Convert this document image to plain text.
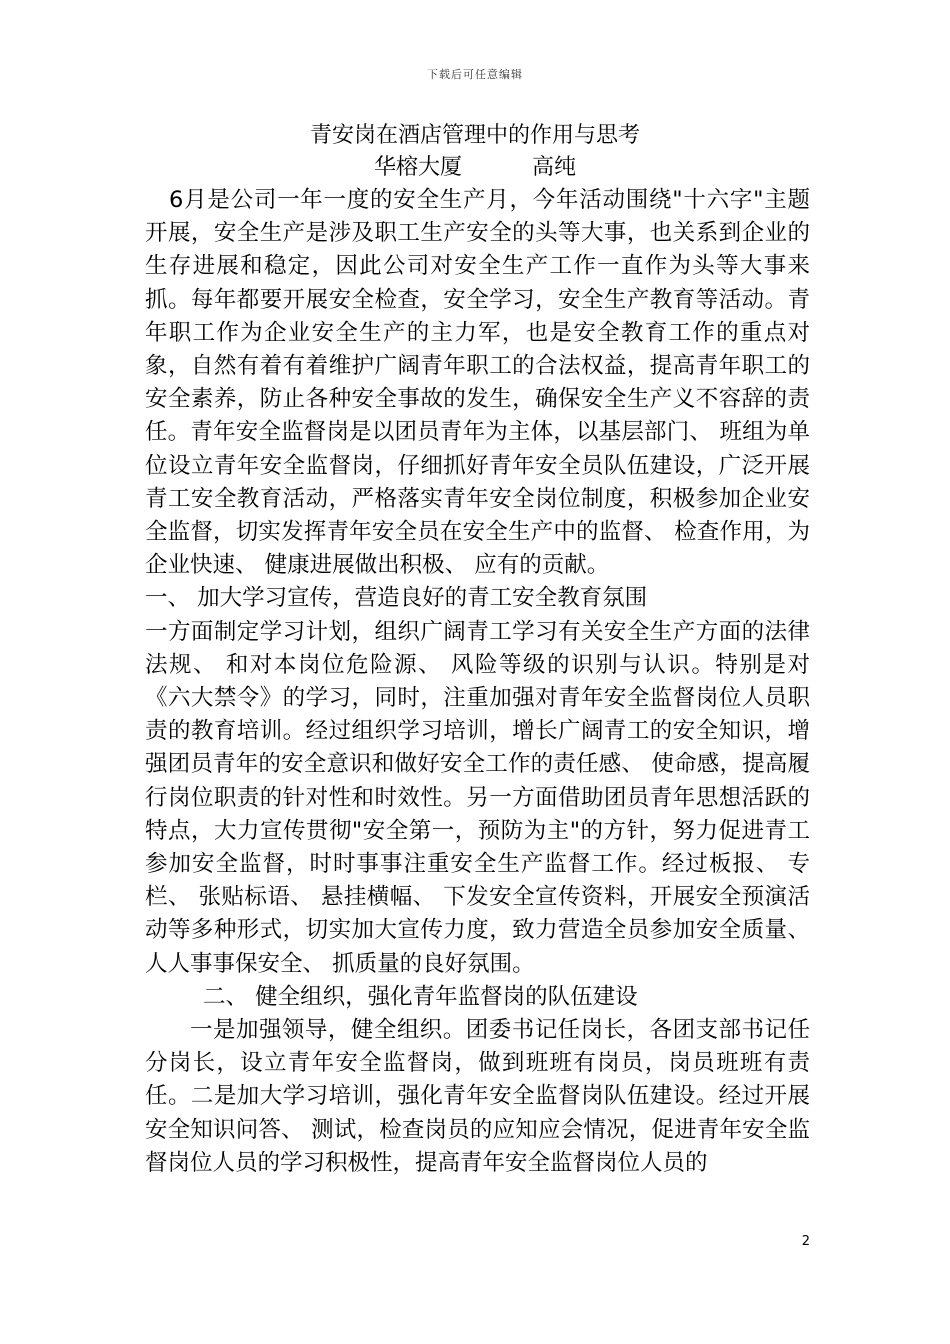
下载后可任意编辑
青安岗在酒店管理中的作用与思考
华榕大厦	高纯

6月是公司一年一度的安全生产月，今年活动围绕"十六字"主题开展，安全生产是涉及职工生产安全的头等大事，也关系到企业的生存进展和稳定，因此公司对安全生产工作一直作为头等大事来抓。每年都要开展安全检查，安全学习，安全生产教育等活动。青年职工作为企业安全生产的主力军，也是安全教育工作的重点对象，自然有着有着维护广阔青年职工的合法权益，提高青年职工的安全素养，防止各种安全事故的发生，确保安全生产义不容辞的责任。青年安全监督岗是以团员青年为主体，以基层部门、 班组为单位设立青年安全监督岗，仔细抓好青年安全员队伍建设，广泛开展青工安全教育活动，严格落实青年安全岗位制度，积极参加企业安全监督，切实发挥青年安全员在安全生产中的监督、 检查作用，为企业快速、 健康进展做出积极、 应有的贡献。

一、 加大学习宣传，营造良好的青工安全教育氛围

一方面制定学习计划，组织广阔青工学习有关安全生产方面的法律法规、 和对本岗位危险源、 风险等级的识别与认识。特别是对《六大禁令》的学习，同时，注重加强对青年安全监督岗位人员职责的教育培训。经过组织学习培训，增长广阔青工的安全知识，增强团员青年的安全意识和做好安全工作的责任感、 使命感，提高履行岗位职责的针对性和时效性。另一方面借助团员青年思想活跃的特点，大力宣传贯彻"安全第一，预防为主"的方针，努力促进青工参加安全监督，时时事事注重安全生产监督工作。经过板报、 专栏、 张贴标语、 悬挂横幅、 下发安全宣传资料，开展安全预演活动等多种形式，切实加大宣传力度，致力营造全员参加安全质量、 人人事事保安全、 抓质量的良好氛围。

二、 健全组织，强化青年监督岗的队伍建设

一是加强领导，健全组织。团委书记任岗长，各团支部书记任分岗长，设立青年安全监督岗，做到班班有岗员，岗员班班有责任。二是加大学习培训，强化青年安全监督岗队伍建设。经过开展安全知识问答、 测试，检查岗员的应知应会情况，促进青年安全监督岗位人员的学习积极性，提高青年安全监督岗位人员的

2
